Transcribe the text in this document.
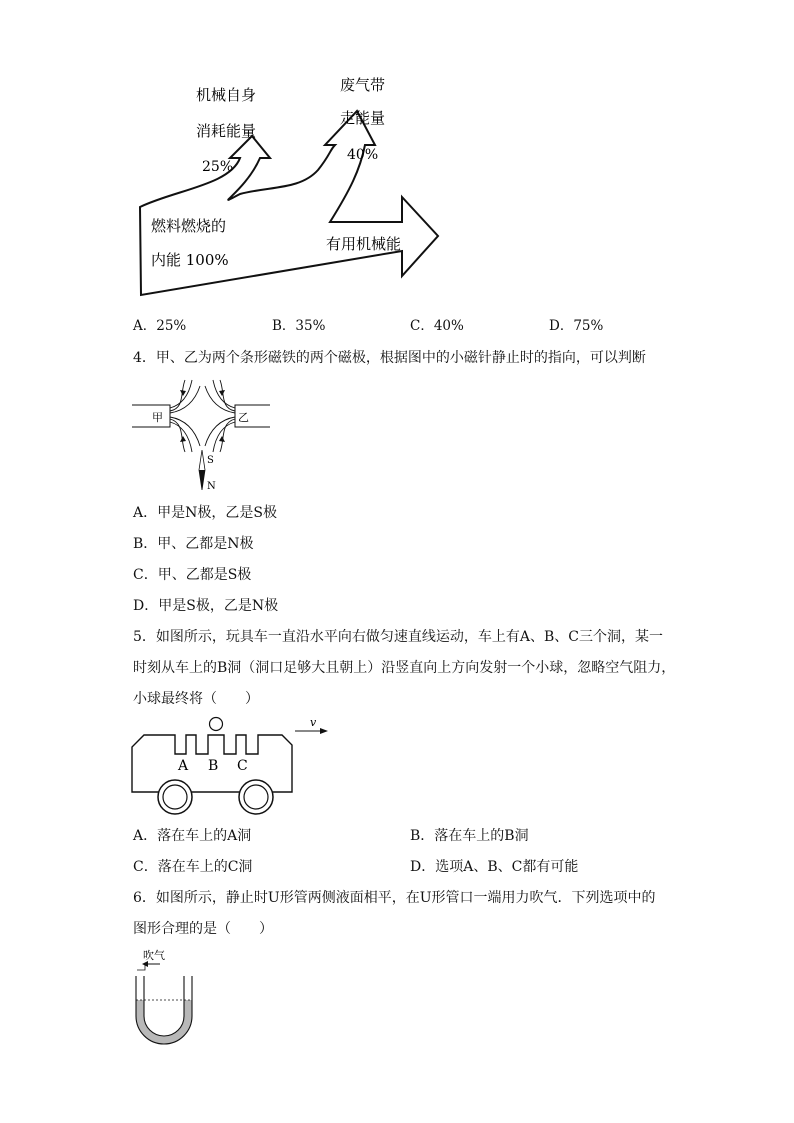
机械自身
消耗能量
25%
废气带
走能量
40%
燃料燃烧的
内能 100%
有用机械能
A．25%	B．35%	C．40%	D．75%
4．甲、乙为两个条形磁铁的两个磁极，根据图中的小磁针静止时的指向，可以判断
甲	乙
S
N
A．甲是N极，乙是S极
B．甲、乙都是N极
C．甲、乙都是S极
D．甲是S极，乙是N极
5．如图所示，玩具车一直沿水平向右做匀速直线运动，车上有A、B、C三个洞，某一
时刻从车上的B洞（洞口足够大且朝上）沿竖直向上方向发射一个小球，忽略空气阻力，
小球最终将（　　）
v
A B C
A．落在车上的A洞	B．落在车上的B洞
C．落在车上的C洞	D．选项A、B、C都有可能
6．如图所示，静止时U形管两侧液面相平，在U形管口一端用力吹气．下列选项中的
图形合理的是（　　）
吹气
